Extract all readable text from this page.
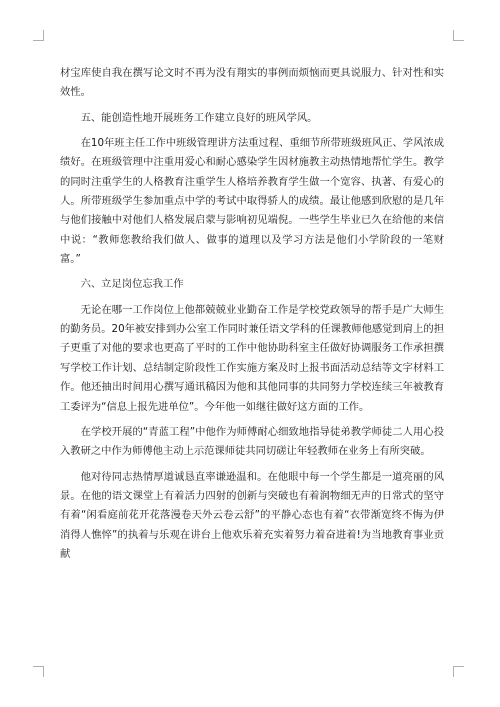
材宝库使自我在撰写论文时不再为没有翔实的事例而烦恼而更具说服力、针对性和实效性。

五、能创造性地开展班务工作建立良好的班风学风。

在10年班主任工作中班级管理讲方法重过程、重细节所带班级班风正、学风浓成绩好。在班级管理中注重用爱心和耐心感染学生因材施教主动热情地帮忙学生。教学的同时注重学生的人格教育注重学生人格培养教育学生做一个宽容、执著、有爱心的人。所带班级学生参加重点中学的考试中取得骄人的成绩。最让他感到欣慰的是几年与他们接触中对他们人格发展启蒙与影响初见端倪。一些学生毕业已久在给他的来信中说：“教师您教给我们做人、做事的道理以及学习方法是他们小学阶段的一笔财富。”

六、立足岗位忘我工作

无论在哪一工作岗位上他都兢兢业业勤奋工作是学校党政领导的帮手是广大师生的勤务员。20年被安排到办公室工作同时兼任语文学科的任课教师他感觉到肩上的担子更重了对他的要求也更高了平时的工作中他协助科室主任做好协调服务工作承担撰写学校工作计划、总结制定阶段性工作实施方案及时上报书面活动总结等文字材料工作。他还抽出时间用心撰写通讯稿因为他和其他同事的共同努力学校连续三年被教育工委评为“信息上报先进单位”。今年他一如继往做好这方面的工作。

在学校开展的“青蓝工程”中他作为师傅耐心细致地指导徒弟教学师徒二人用心投入教研之中作为师傅他主动上示范课师徒共同切磋让年轻教师在业务上有所突破。

他对待同志热情厚道诚恳直率谦逊温和。在他眼中每一个学生都是一道亮丽的风景。在他的语文课堂上有着活力四射的创新与突破也有着润物细无声的日常式的坚守有着“闲看庭前花开花落漫卷天外云卷云舒”的平静心态也有着“衣带渐宽终不悔为伊消得人憔悴”的执着与乐观在讲台上他欢乐着充实着努力着奋进着!为当地教育事业贡献
